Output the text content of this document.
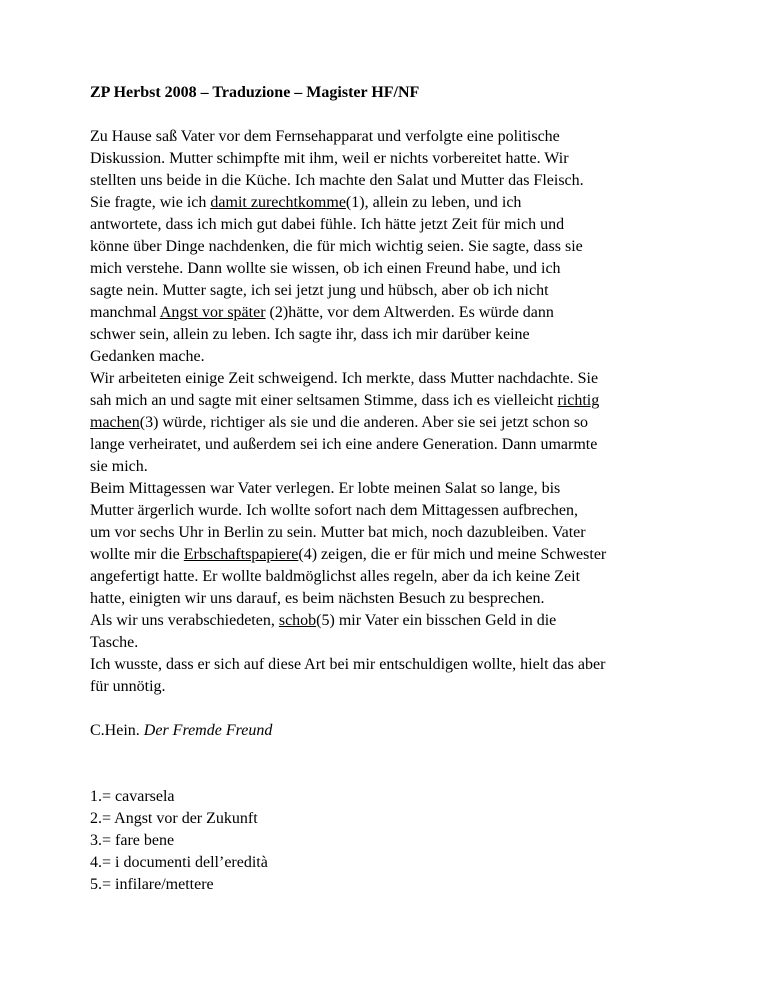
ZP Herbst 2008 – Traduzione – Magister HF/NF
Zu Hause saß Vater vor dem Fernsehapparat und verfolgte eine politische
Diskussion. Mutter schimpfte mit ihm, weil er nichts vorbereitet hatte. Wir
stellten uns beide in die Küche. Ich machte den Salat und Mutter das Fleisch.
Sie fragte, wie ich damit zurechtkomme(1), allein zu leben, und ich
antwortete, dass ich mich gut dabei fühle. Ich hätte jetzt Zeit für mich und
könne über Dinge nachdenken, die für mich wichtig seien. Sie sagte, dass sie
mich verstehe. Dann wollte sie wissen, ob ich einen Freund habe, und ich
sagte nein. Mutter sagte, ich sei jetzt jung und hübsch, aber ob ich nicht
manchmal Angst vor später (2)hätte, vor dem Altwerden. Es würde dann
schwer sein, allein zu leben. Ich sagte ihr, dass ich mir darüber keine
Gedanken mache.
Wir arbeiteten einige Zeit schweigend. Ich merkte, dass Mutter nachdachte. Sie
sah mich an und sagte mit einer seltsamen Stimme, dass ich es vielleicht richtig
machen(3) würde, richtiger als sie und die anderen. Aber sie sei jetzt schon so
lange verheiratet, und außerdem sei ich eine andere Generation. Dann umarmte
sie mich.
Beim Mittagessen war Vater verlegen. Er lobte meinen Salat so lange, bis
Mutter ärgerlich wurde. Ich wollte sofort nach dem Mittagessen aufbrechen,
um vor sechs Uhr in Berlin zu sein. Mutter bat mich, noch dazubleiben. Vater
wollte mir die Erbschaftspapiere(4) zeigen, die er für mich und meine Schwester
angefertigt hatte. Er wollte baldmöglichst alles regeln, aber da ich keine Zeit
hatte, einigten wir uns darauf, es beim nächsten Besuch zu besprechen.
Als wir uns verabschiedeten, schob(5) mir Vater ein bisschen Geld in die
Tasche.
Ich wusste, dass er sich auf diese Art bei mir entschuldigen wollte, hielt das aber
für unnötig.
C.Hein. Der Fremde Freund
1.= cavarsela
2.= Angst vor der Zukunft
3.= fare bene
4.= i documenti dell’eredità
5.= infilare/mettere
